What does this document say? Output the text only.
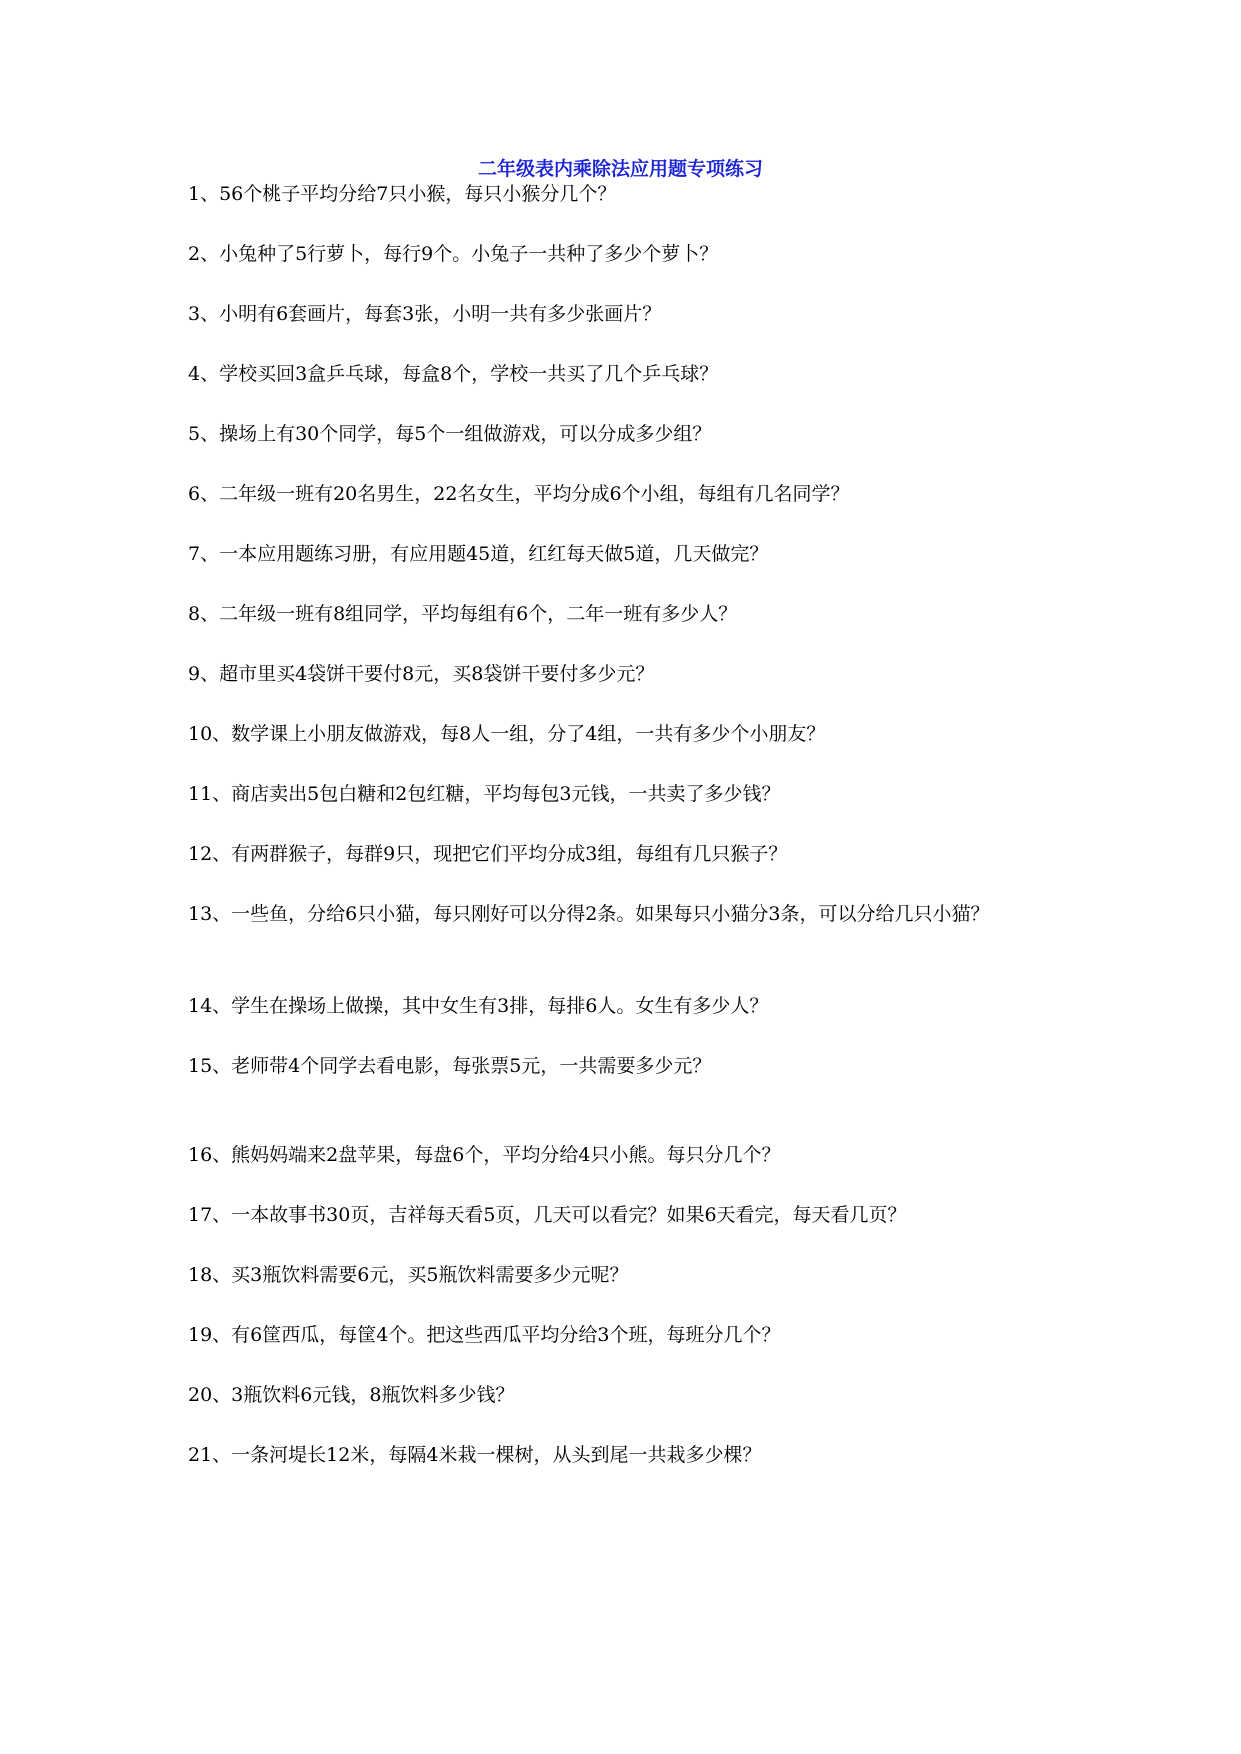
二年级表内乘除法应用题专项练习
1、56个桃子平均分给7只小猴，每只小猴分几个？
2、小兔种了5行萝卜，每行9个。小兔子一共种了多少个萝卜？
3、小明有6套画片，每套3张，小明一共有多少张画片？
4、学校买回3盒乒乓球，每盒8个，学校一共买了几个乒乓球？
5、操场上有30个同学，每5个一组做游戏，可以分成多少组？
6、二年级一班有20名男生，22名女生，平均分成6个小组，每组有几名同学？
7、一本应用题练习册，有应用题45道，红红每天做5道，几天做完？
8、二年级一班有8组同学，平均每组有6个，二年一班有多少人？
9、超市里买4袋饼干要付8元，买8袋饼干要付多少元？
10、数学课上小朋友做游戏，每8人一组，分了4组，一共有多少个小朋友？
11、商店卖出5包白糖和2包红糖，平均每包3元钱，一共卖了多少钱？
12、有两群猴子，每群9只，现把它们平均分成3组，每组有几只猴子？
13、一些鱼，分给6只小猫，每只刚好可以分得2条。如果每只小猫分3条，可以分给几只小猫？
14、学生在操场上做操，其中女生有3排，每排6人。女生有多少人？
15、老师带4个同学去看电影，每张票5元，一共需要多少元？
16、熊妈妈端来2盘苹果，每盘6个，平均分给4只小熊。每只分几个？
17、一本故事书30页，吉祥每天看5页，几天可以看完？如果6天看完，每天看几页？
18、买3瓶饮料需要6元，买5瓶饮料需要多少元呢？
19、有6筐西瓜，每筐4个。把这些西瓜平均分给3个班，每班分几个？
20、3瓶饮料6元钱，8瓶饮料多少钱？
21、一条河堤长12米，每隔4米栽一棵树，从头到尾一共栽多少棵？
